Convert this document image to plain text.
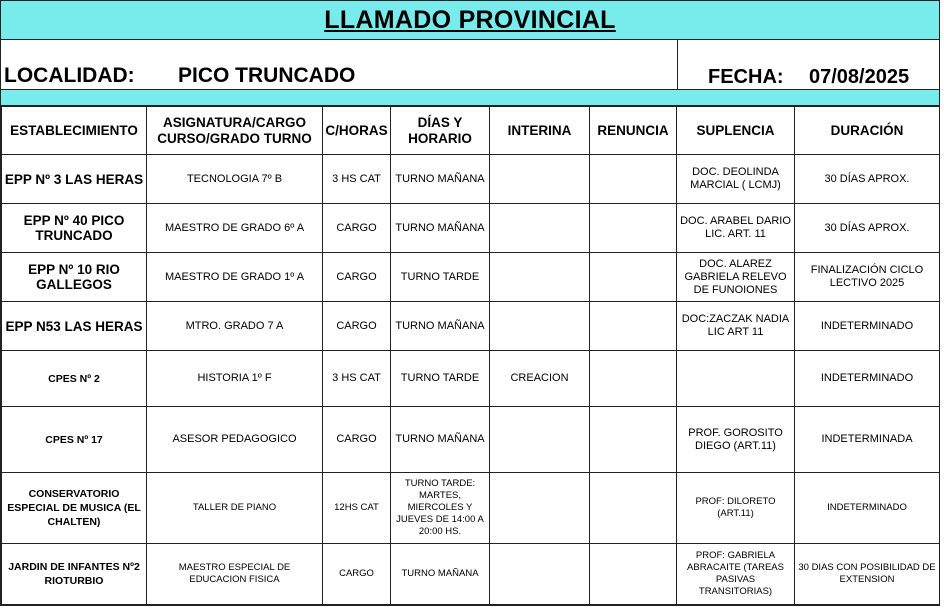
LLAMADO PROVINCIAL
LOCALIDAD: PICO TRUNCADO	FECHA: 07/08/2025
ESTABLECIMIENTO	ASIGNATURA/CARGO CURSO/GRADO TURNO	C/HORAS	DÍAS Y HORARIO	INTERINA	RENUNCIA	SUPLENCIA	DURACIÓN
EPP Nº 3 LAS HERAS	TECNOLOGIA 7º B	3 HS CAT	TURNO MAÑANA			DOC. DEOLINDA MARCIAL ( LCMJ)	30 DÍAS APROX.
EPP Nº 40 PICO TRUNCADO	MAESTRO DE GRADO 6º A	CARGO	TURNO MAÑANA			DOC. ARABEL DARIO LIC. ART. 11	30 DÍAS APROX.
EPP Nº 10 RIO GALLEGOS	MAESTRO DE GRADO 1º A	CARGO	TURNO TARDE			DOC. ALAREZ GABRIELA RELEVO DE FUNOIONES	FINALIZACIÓN CICLO LECTIVO 2025
EPP N53 LAS HERAS	MTRO. GRADO 7 A	CARGO	TURNO MAÑANA			DOC:ZACZAK NADIA LIC ART 11	INDETERMINADO
CPES Nº 2	HISTORIA 1º F	3 HS CAT	TURNO TARDE	CREACION			INDETERMINADO
CPES Nº 17	ASESOR PEDAGOGICO	CARGO	TURNO MAÑANA			PROF. GOROSITO DIEGO (ART.11)	INDETERMINADA
CONSERVATORIO ESPECIAL DE MUSICA (EL CHALTEN)	TALLER DE PIANO	12HS CAT	TURNO TARDE: MARTES, MIERCOLES Y JUEVES DE 14:00 A 20:00 HS.			PROF: DILORETO (ART.11)	INDETERMINADO
JARDIN DE INFANTES Nº2 RIOTURBIO	MAESTRO ESPECIAL DE EDUCACION FISICA	CARGO	TURNO MAÑANA			PROF: GABRIELA ABRACAITE (TAREAS PASIVAS TRANSITORIAS)	30 DIAS CON POSIBILIDAD DE EXTENSION
